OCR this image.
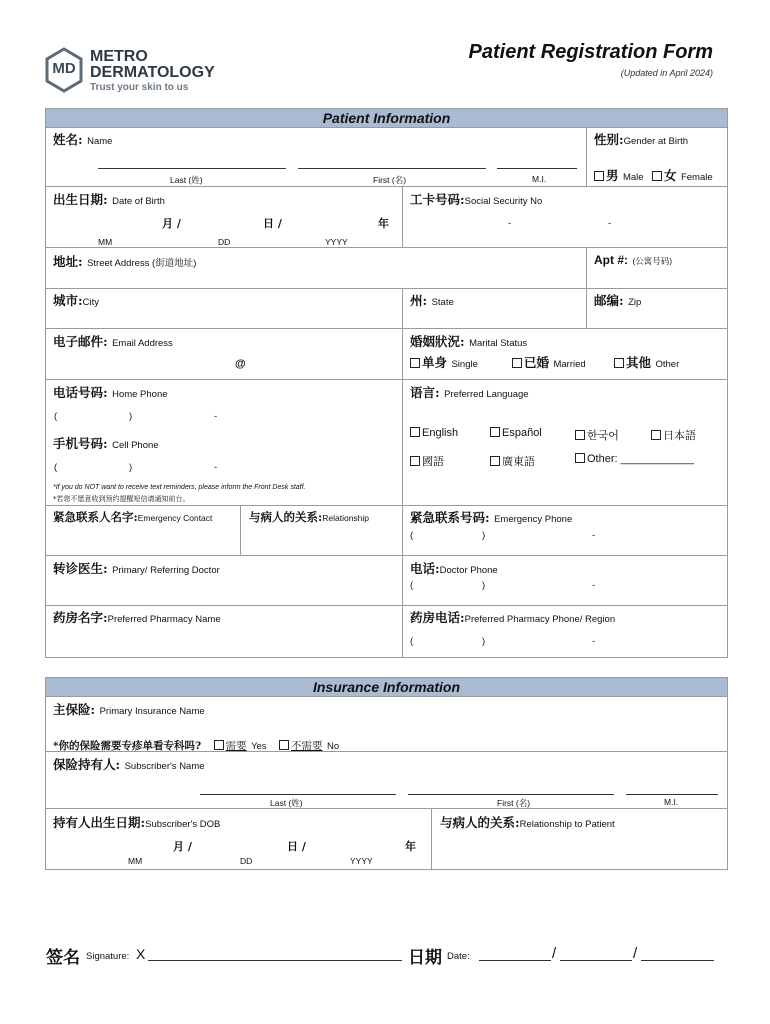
MD
METRO
DERMATOLOGY
Trust your skin to us
Patient Registration Form
(Updated in April 2024)
Patient Information
姓名: Name
Last (姓)	First (名)	M.I.
性别:Gender at Birth
男 Male	女 Female
出生日期: Date of Birth
月 /	日 /	年
MM	DD	YYYY
工卡号码:Social Security No
-	-
地址: Street Address (街道地址)	Apt #: (公寓号码)
城市:City	州: State	邮编: Zip
电子邮件: Email Address
@
婚姻狀況: Marital Status
单身 Single	已婚 Married	其他 Other
电话号码: Home Phone
(	)	-
手机号码: Cell Phone
(	)	-
*If you do NOT want to receive text reminders, please inform the Front Desk staff.
*若您不愿意收到预约提醒短信请通知前台。
语言: Preferred Language
English	Español	한국어	日本語
國語	廣東語	Other: ____________
紧急联系人名字:Emergency Contact	与病人的关系:Relationship	紧急联系号码: Emergency Phone
(	)	-
转诊医生: Primary/ Referring Doctor	电话:Doctor Phone
(	)	-
药房名字:Preferred Pharmacy Name	药房电话:Preferred Pharmacy Phone/ Region
(	)	-
Insurance Information
主保险: Primary Insurance Name
*你的保险需要专疹单看专科吗? 需要 Yes 不需要 No
保险持有人: Subscriber's Name
Last (姓)	First (名)	M.I.
持有人出生日期:Subscriber's DOB
月 /	日 /	年
MM	DD	YYYY
与病人的关系:Relationship to Patient
签名 Signature: X	日期 Date:	/	/
